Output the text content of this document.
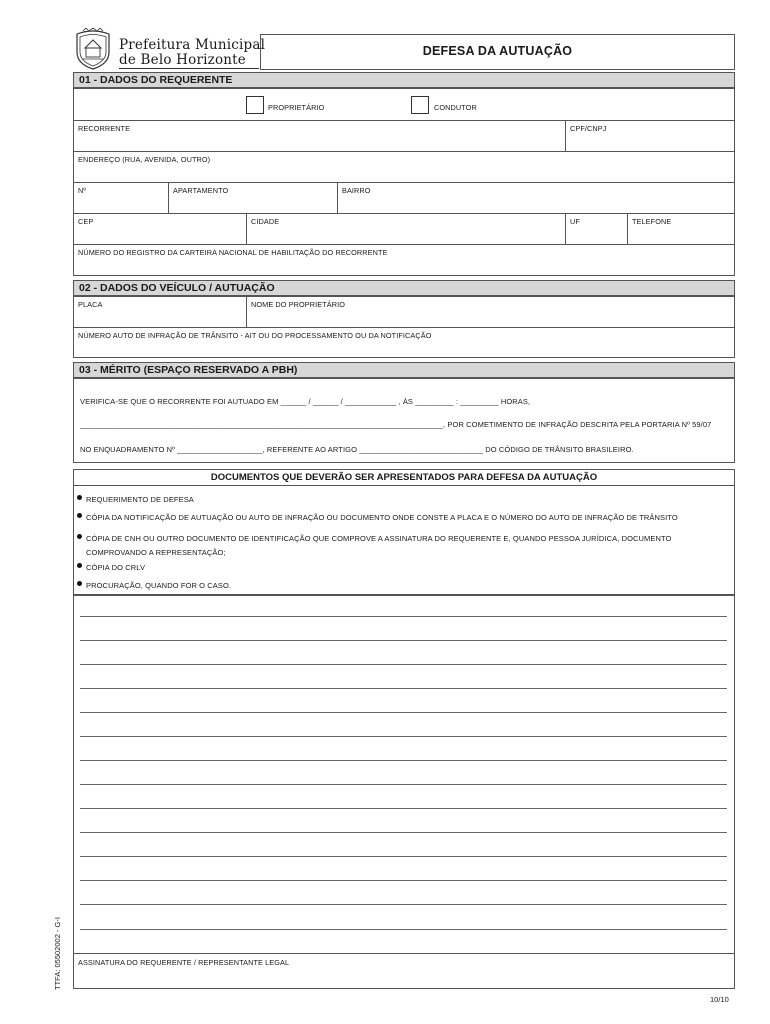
Prefeitura Municipal
de Belo Horizonte
DEFESA DA AUTUAÇÃO
01 - DADOS DO REQUERENTE
PROPRIETÁRIO	CONDUTOR
RECORRENTE	CPF/CNPJ
ENDEREÇO (RUA, AVENIDA, OUTRO)
Nº	APARTAMENTO	BAIRRO
CEP	CIDADE	UF	TELEFONE
NÚMERO DO REGISTRO DA CARTEIRA NACIONAL DE HABILITAÇÃO DO RECORRENTE
02 - DADOS DO VEÍCULO / AUTUAÇÃO
PLACA	NOME DO PROPRIETÁRIO
NÚMERO AUTO DE INFRAÇÃO DE TRÂNSITO - AIT OU DO PROCESSAMENTO OU DA NOTIFICAÇÃO
03 - MÉRITO (ESPAÇO RESERVADO A PBH)
VERIFICA-SE QUE O RECORRENTE FOI AUTUADO EM ______ / ______ / ____________ , ÀS _________ : _________ HORAS,
_____________________________________________________________________________________, POR COMETIMENTO DE INFRAÇÃO DESCRITA PELA PORTARIA Nº 59/07
NO ENQUADRAMENTO Nº ____________________, REFERENTE AO ARTIGO _____________________________ DO CÓDIGO DE TRÂNSITO BRASILEIRO.
DOCUMENTOS QUE DEVERÃO SER APRESENTADOS PARA DEFESA DA AUTUAÇÃO
REQUERIMENTO DE DEFESA
CÓPIA DA NOTIFICAÇÃO DE AUTUAÇÃO OU AUTO DE INFRAÇÃO OU DOCUMENTO ONDE CONSTE A PLACA E O NÚMERO DO AUTO DE INFRAÇÃO DE TRÂNSITO
CÓPIA DE CNH OU OUTRO DOCUMENTO DE IDENTIFICAÇÃO QUE COMPROVE A ASSINATURA DO REQUERENTE E, QUANDO PESSOA JURÍDICA, DOCUMENTO
COMPROVANDO A REPRESENTAÇÃO;
CÓPIA DO CRLV
PROCURAÇÃO, QUANDO FOR O CASO.
ASSINATURA DO REQUERENTE / REPRESENTANTE LEGAL
TTFA: 05502002 - G-I
10/10
